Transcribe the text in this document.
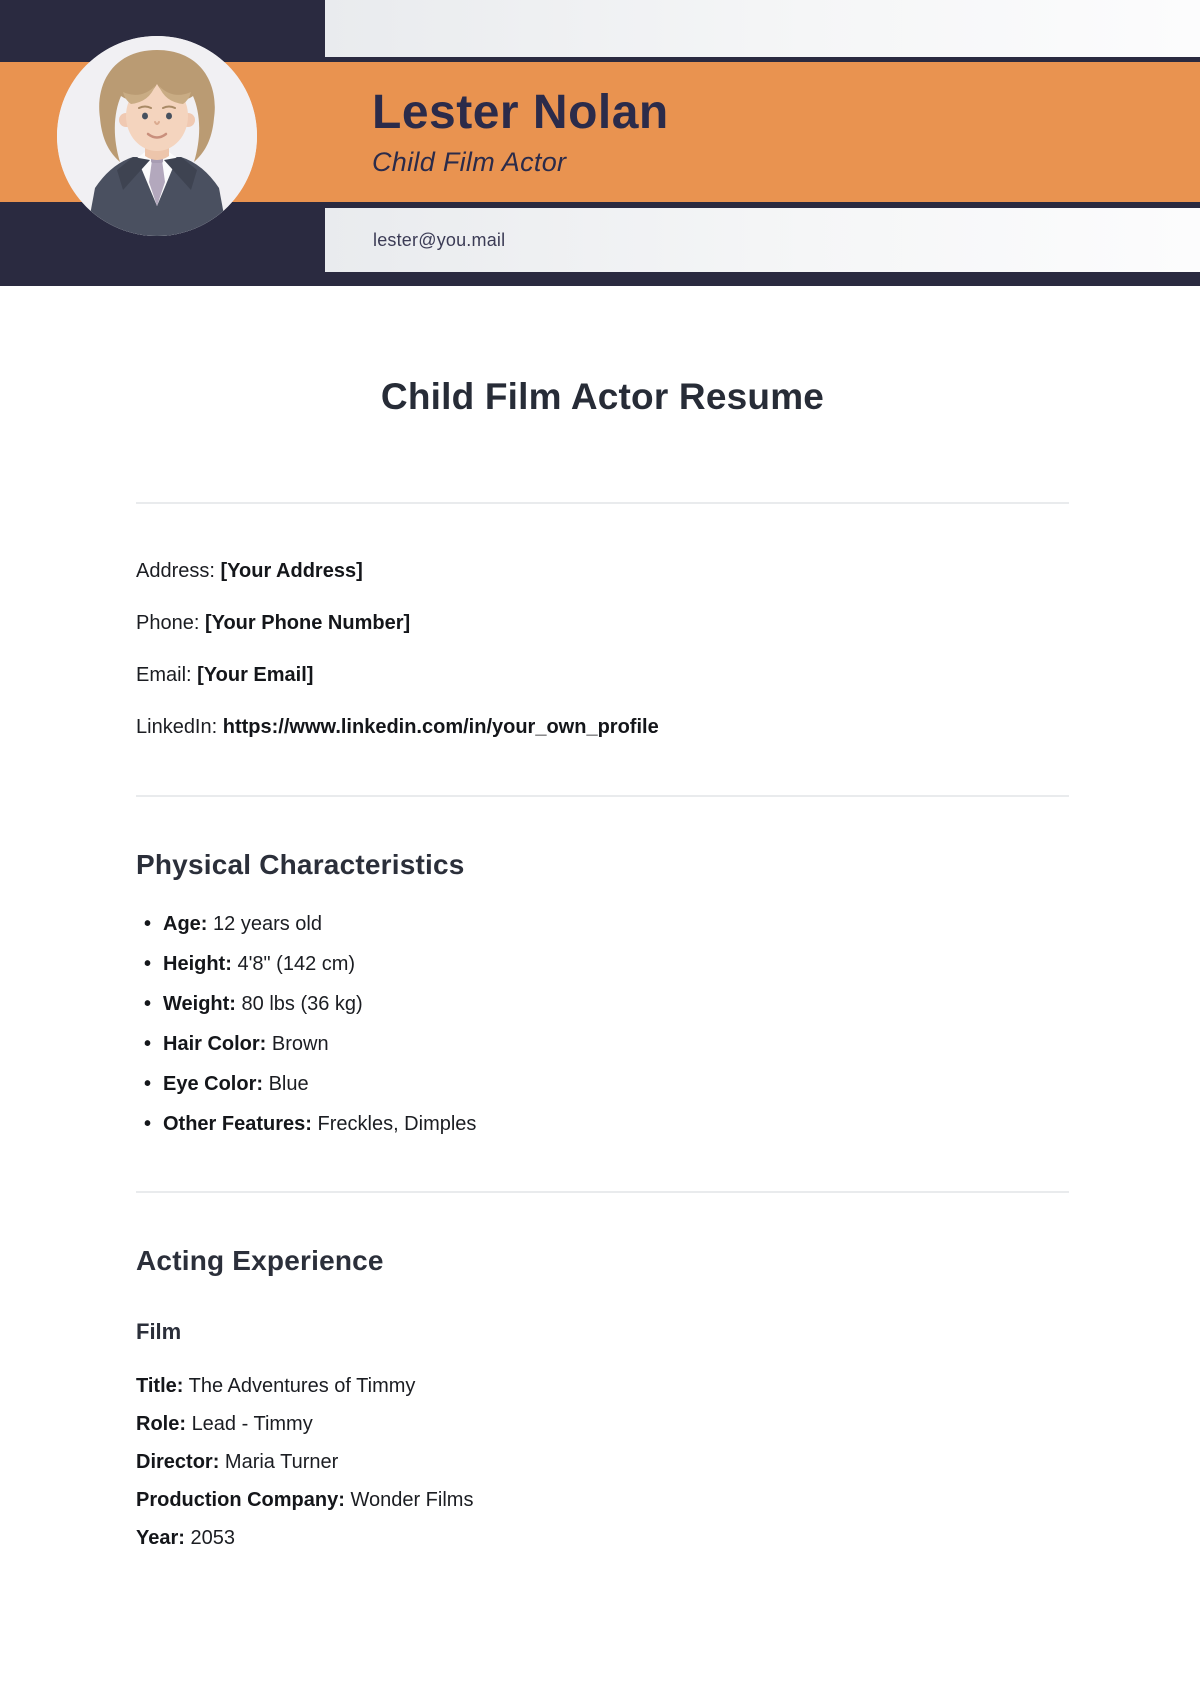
Lester Nolan
Child Film Actor
lester@you.mail
Child Film Actor Resume

Address: [Your Address]

Phone: [Your Phone Number]

Email: [Your Email]

LinkedIn: https://www.linkedin.com/in/your_own_profile

Physical Characteristics
• Age: 12 years old
• Height: 4'8" (142 cm)
• Weight: 80 lbs (36 kg)
• Hair Color: Brown
• Eye Color: Blue
• Other Features: Freckles, Dimples
Acting Experience
Film

Title: The Adventures of Timmy

Role: Lead - Timmy

Director: Maria Turner

Production Company: Wonder Films

Year: 2053
